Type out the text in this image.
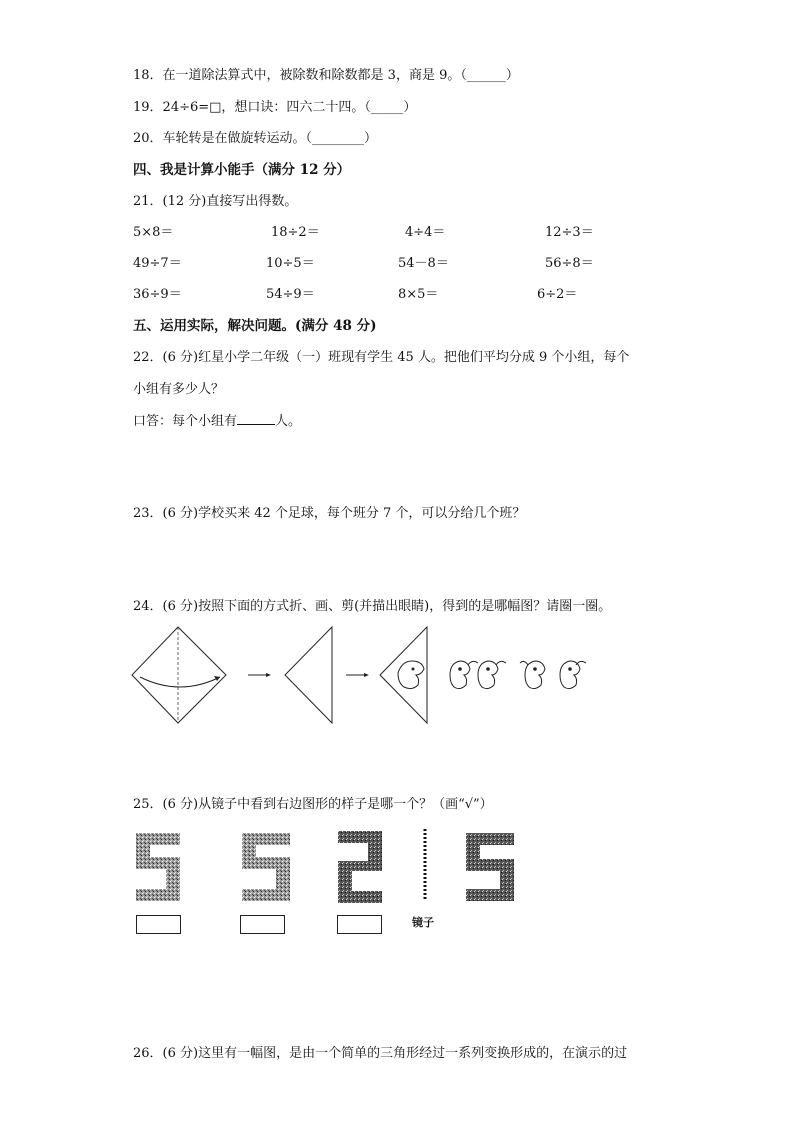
18．在一道除法算式中，被除数和除数都是 3，商是 9。（______）
19．24÷6=□，想口诀：四六二十四。（_____）
20．车轮转是在做旋转运动。（________）
四、我是计算小能手（满分 12 分）
21．(12 分)直接写出得数。
5×8＝	18÷2＝	4÷4＝	12÷3＝
49÷7＝	10÷5＝	54－8＝	56÷8＝
36÷9＝	54÷9＝	8×5＝	6÷2＝
五、运用实际，解决问题。(满分 48 分)
22．(6 分)红星小学二年级（一）班现有学生 45 人。把他们平均分成 9 个小组，每个
小组有多少人？
口答：每个小组有	人。
23．(6 分)学校买来 42 个足球，每个班分 7 个，可以分给几个班？
24．(6 分)按照下面的方式折、画、剪(并描出眼睛)，得到的是哪幅图？请圈一圈。
25．(6 分)从镜子中看到右边图形的样子是哪一个？（画“√”）
镜子
26．(6 分)这里有一幅图，是由一个简单的三角形经过一系列变换形成的，在演示的过
